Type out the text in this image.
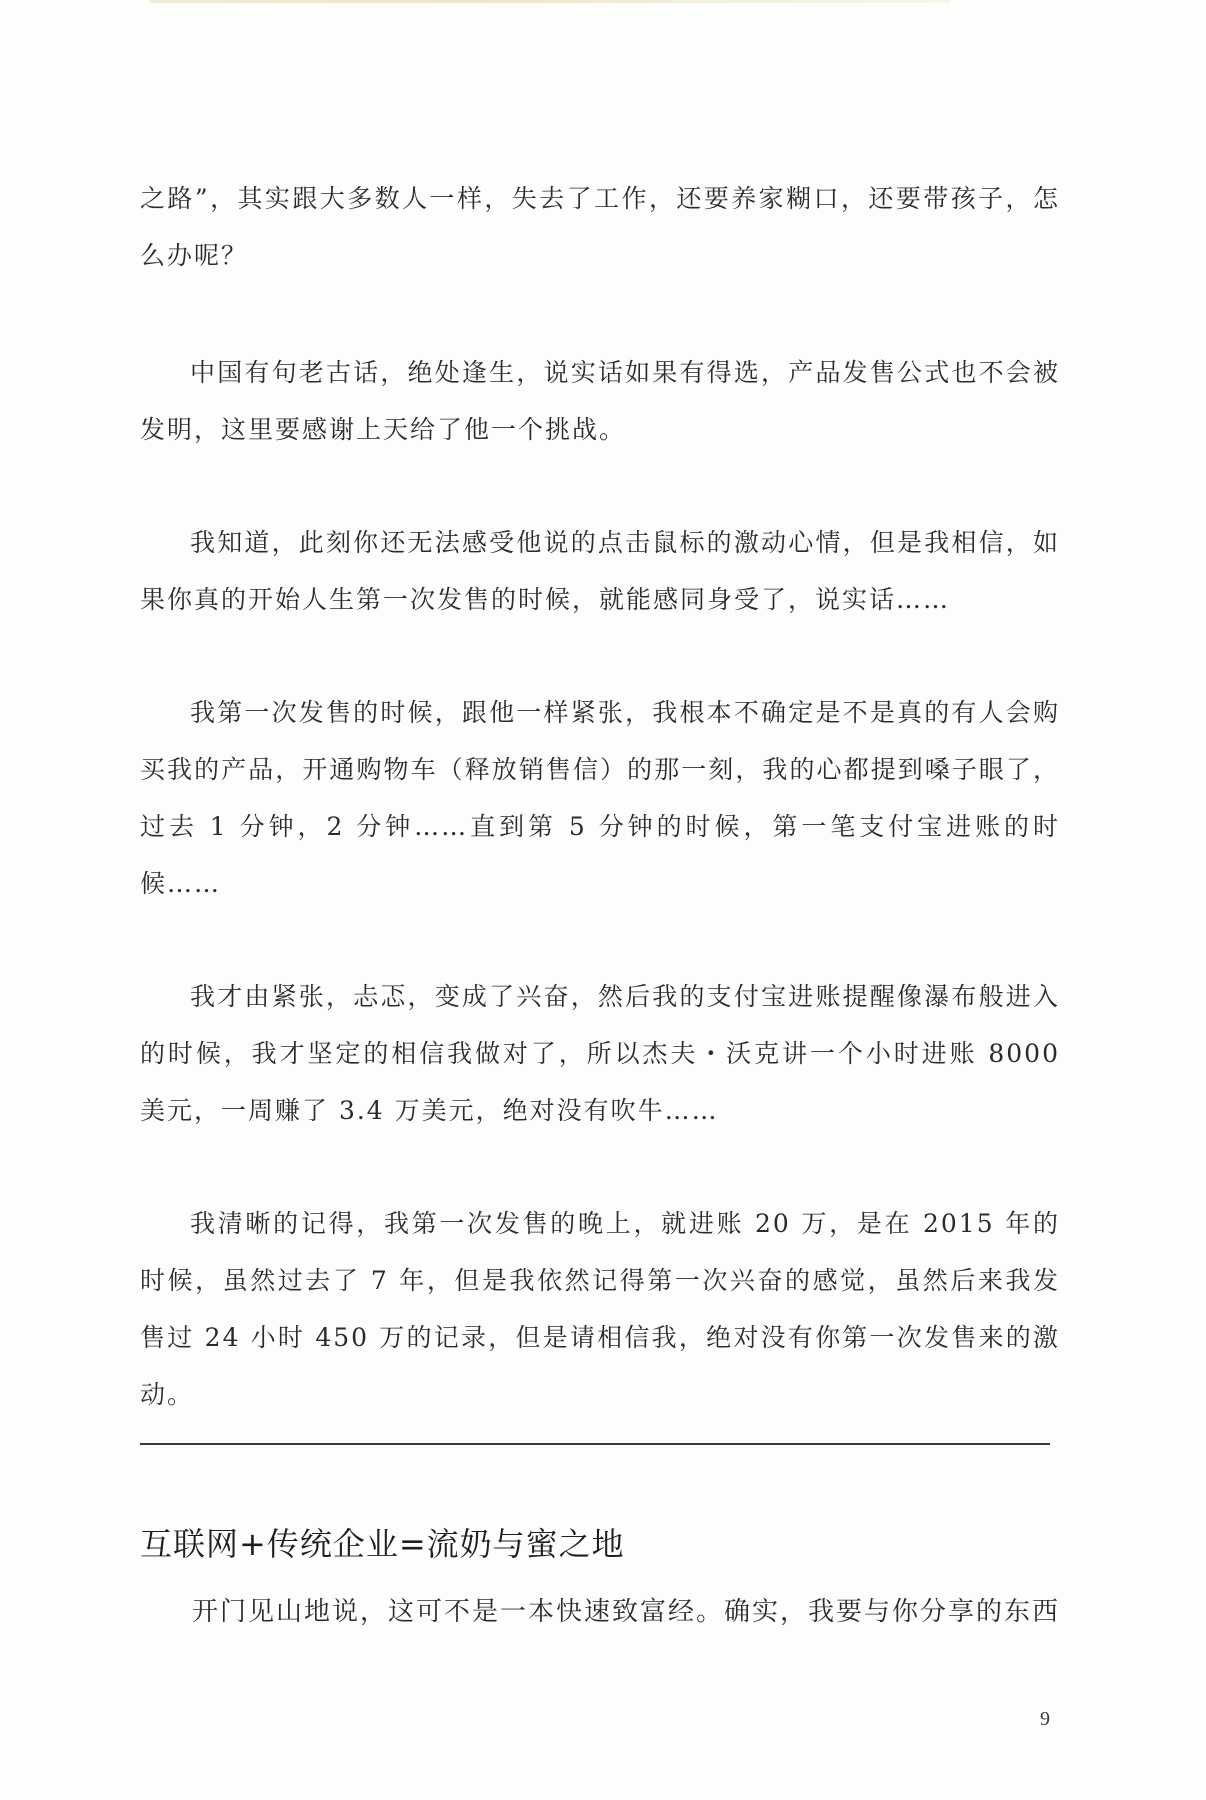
之路”，其实跟大多数人一样，失去了工作，还要养家糊口，还要带孩子，怎么办呢？

中国有句老古话，绝处逢生，说实话如果有得选，产品发售公式也不会被发明，这里要感谢上天给了他一个挑战。

我知道，此刻你还无法感受他说的点击鼠标的激动心情，但是我相信，如果你真的开始人生第一次发售的时候，就能感同身受了，说实话……

我第一次发售的时候，跟他一样紧张，我根本不确定是不是真的有人会购买我的产品，开通购物车（释放销售信）的那一刻，我的心都提到嗓子眼了，过去 1 分钟，2 分钟……直到第 5 分钟的时候，第一笔支付宝进账的时候……

我才由紧张，忐忑，变成了兴奋，然后我的支付宝进账提醒像瀑布般进入的时候，我才坚定的相信我做对了，所以杰夫・沃克讲一个小时进账 8000 美元，一周赚了 3.4 万美元，绝对没有吹牛……

我清晰的记得，我第一次发售的晚上，就进账 20 万，是在 2015 年的时候，虽然过去了 7 年，但是我依然记得第一次兴奋的感觉，虽然后来我发售过 24 小时 450 万的记录，但是请相信我，绝对没有你第一次发售来的激动。

互联网+传统企业=流奶与蜜之地

开门见山地说，这可不是一本快速致富经。确实，我要与你分享的东西

9
